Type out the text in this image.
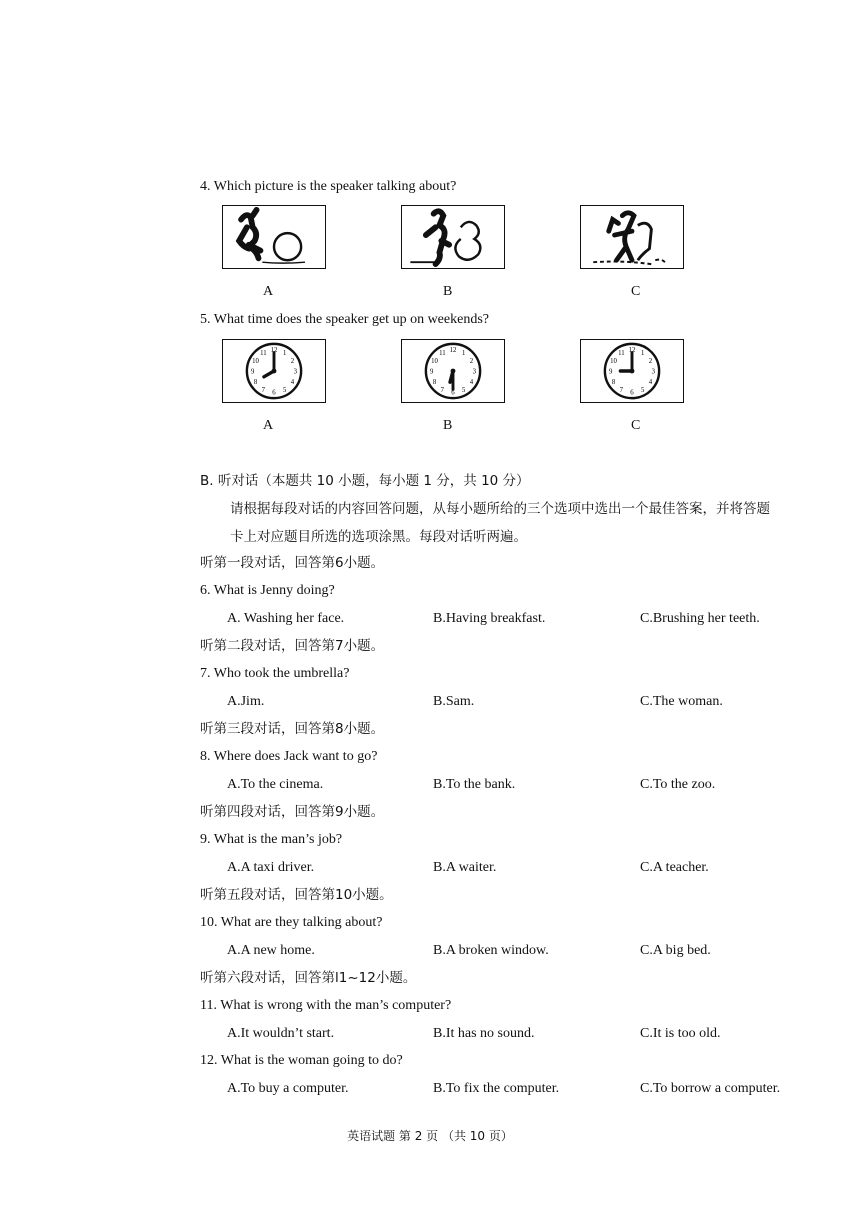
4. Which picture is the speaker talking about?
A	B	C
5. What time does the speaker get up on weekends?
12 1
2
3
4
5
6
7
8
9
10
11	12 1
2
3
4
5
6
7
8
9
10
11	12 1
2
3
4
5
6
7
8
9
10
11
A	B	C
B. 听对话（本题共 10 小题，每小题 1 分，共 10 分）
请根据每段对话的内容回答问题，从每小题所给的三个选项中选出一个最佳答案，并将答题
卡上对应题目所选的选项涂黑。每段对话听两遍。
听第一段对话，回答第6小题。
6. What is Jenny doing?
A. Washing her face.	B.Having breakfast.	C.Brushing her teeth.
听第二段对话，回答第7小题。
7. Who took the umbrella?
A.Jim.	B.Sam.	C.The woman.
听第三段对话，回答第8小题。
8. Where does Jack want to go?
A.To the cinema.	B.To the bank.	C.To the zoo.
听第四段对话，回答第9小题。
9. What is the man’s job?
A.A taxi driver.	B.A waiter.	C.A teacher.
听第五段对话，回答第10小题。
10. What are they talking about?
A.A new home.	B.A broken window.	C.A big bed.
听第六段对话，回答第l1~12小题。
11. What is wrong with the man’s computer?
A.It wouldn’t start.	B.It has no sound.	C.It is too old.
12. What is the woman going to do?
A.To buy a computer.	B.To fix the computer.	C.To borrow a computer.
英语试题 第 2 页 （共 10 页）
